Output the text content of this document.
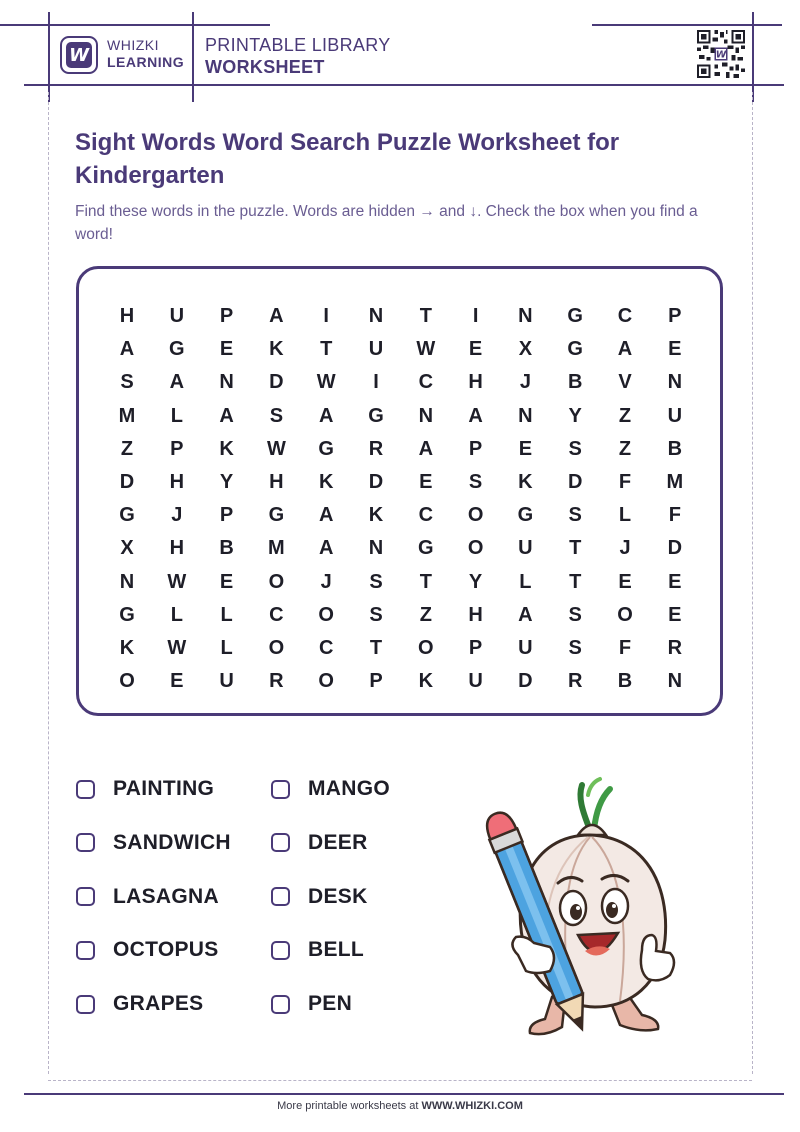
W WHIZKI
LEARNING
PRINTABLE LIBRARY
WORKSHEET
W
Sight Words Word Search Puzzle Worksheet for Kindergarten

Find these words in the puzzle. Words are hidden → and ↓. Check the box when you find a word!

H	U	P	A	I	N	T	I	N	G	C	P
A	G	E	K	T	U	W	E	X	G	A	E
S	A	N	D	W	I	C	H	J	B	V	N
M	L	A	S	A	G	N	A	N	Y	Z	U
Z	P	K	W	G	R	A	P	E	S	Z	B
D	H	Y	H	K	D	E	S	K	D	F	M
G	J	P	G	A	K	C	O	G	S	L	F
X	H	B	M	A	N	G	O	U	T	J	D
N	W	E	O	J	S	T	Y	L	T	E	E
G	L	L	C	O	S	Z	H	A	S	O	E
K	W	L	O	C	T	O	P	U	S	F	R
O	E	U	R	O	P	K	U	D	R	B	N
PAINTING
SANDWICH
LASAGNA
OCTOPUS
GRAPES
MANGO
DEER
DESK
BELL
PEN
More printable worksheets at WWW.WHIZKI.COM
